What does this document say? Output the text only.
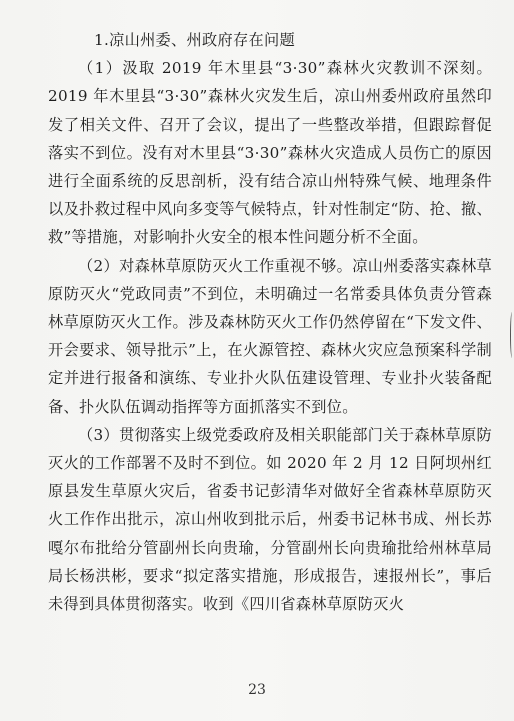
1.凉山州委、州政府存在问题

（1）汲取 2019 年木里县“3·30”森林火灾教训不深刻。2019 年木里县“3·30”森林火灾发生后，凉山州委州政府虽然印发了相关文件、召开了会议，提出了一些整改举措，但跟踪督促落实不到位。没有对木里县“3·30”森林火灾造成人员伤亡的原因进行全面系统的反思剖析，没有结合凉山州特殊气候、地理条件以及扑救过程中风向多变等气候特点，针对性制定“防、抢、撤、救”等措施，对影响扑火安全的根本性问题分析不全面。

（2）对森林草原防灭火工作重视不够。凉山州委落实森林草原防灭火“党政同责”不到位，未明确过一名常委具体负责分管森林草原防灭火工作。涉及森林防灭火工作仍然停留在“下发文件、开会要求、领导批示”上，在火源管控、森林火灾应急预案科学制定并进行报备和演练、专业扑火队伍建设管理、专业扑火装备配备、扑火队伍调动指挥等方面抓落实不到位。

（3）贯彻落实上级党委政府及相关职能部门关于森林草原防灭火的工作部署不及时不到位。如 2020 年 2 月 12 日阿坝州红原县发生草原火灾后，省委书记彭清华对做好全省森林草原防灭火工作作出批示，凉山州收到批示后，州委书记林书成、州长苏嘎尔布批给分管副州长向贵瑜，分管副州长向贵瑜批给州林草局局长杨洪彬，要求“拟定落实措施，形成报告，速报州长”，事后未得到具体贯彻落实。收到《四川省森林草原防灭火

23
